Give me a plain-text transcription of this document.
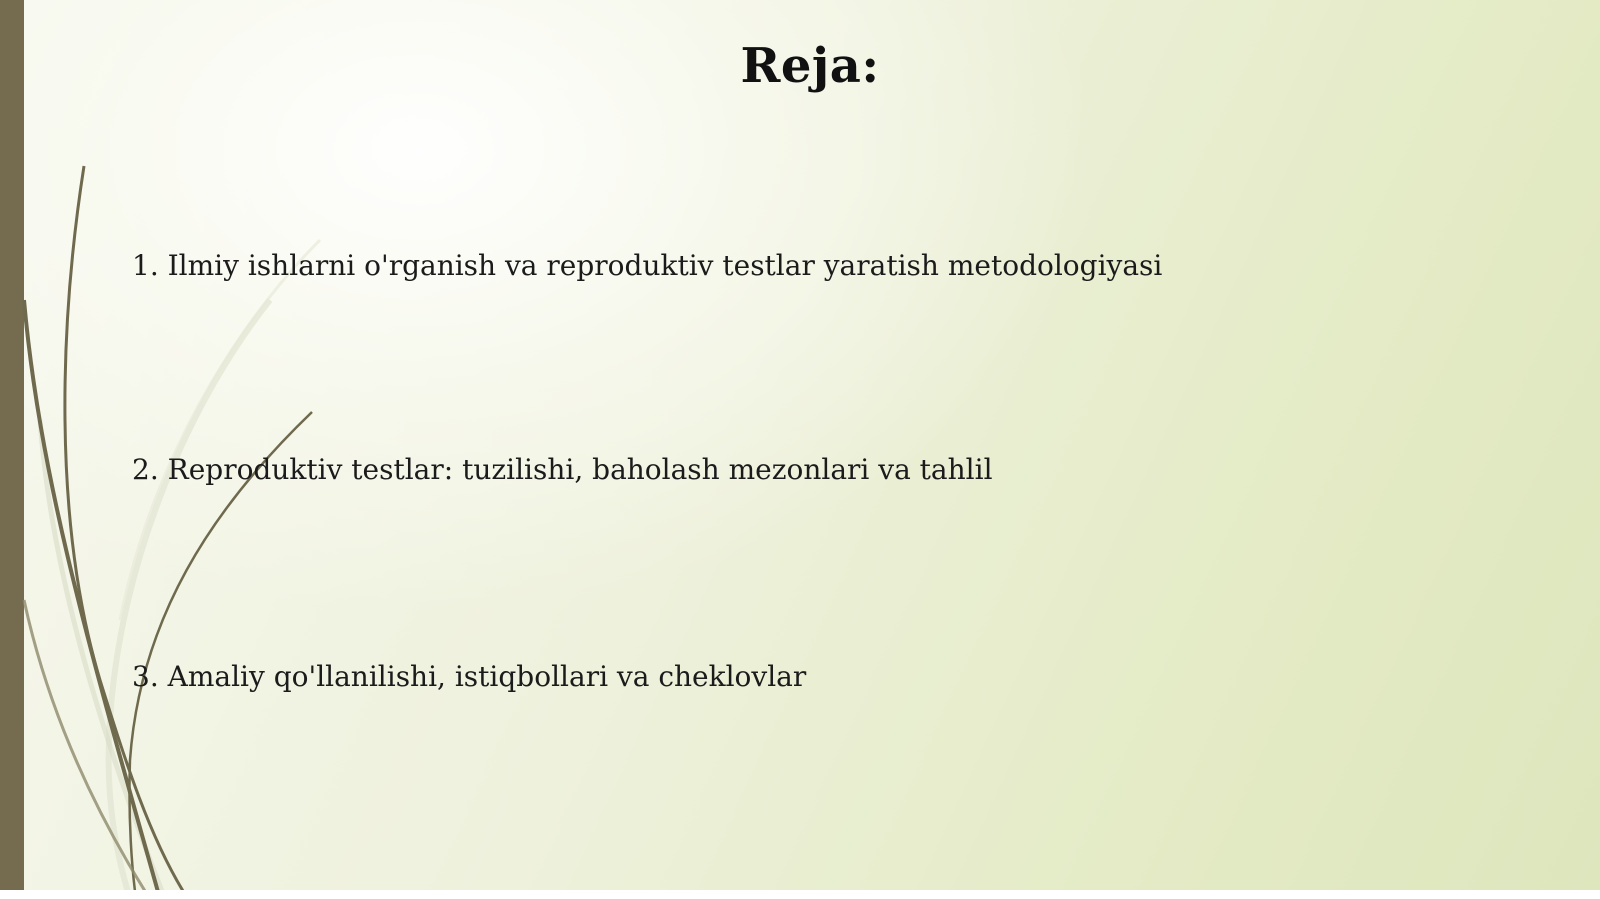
Reja:
1. Ilmiy ishlarni o'rganish va reproduktiv testlar yaratish metodologiyasi
2. Reproduktiv testlar: tuzilishi, baholash mezonlari va tahlil
3. Amaliy qo'llanilishi, istiqbollari va cheklovlar
